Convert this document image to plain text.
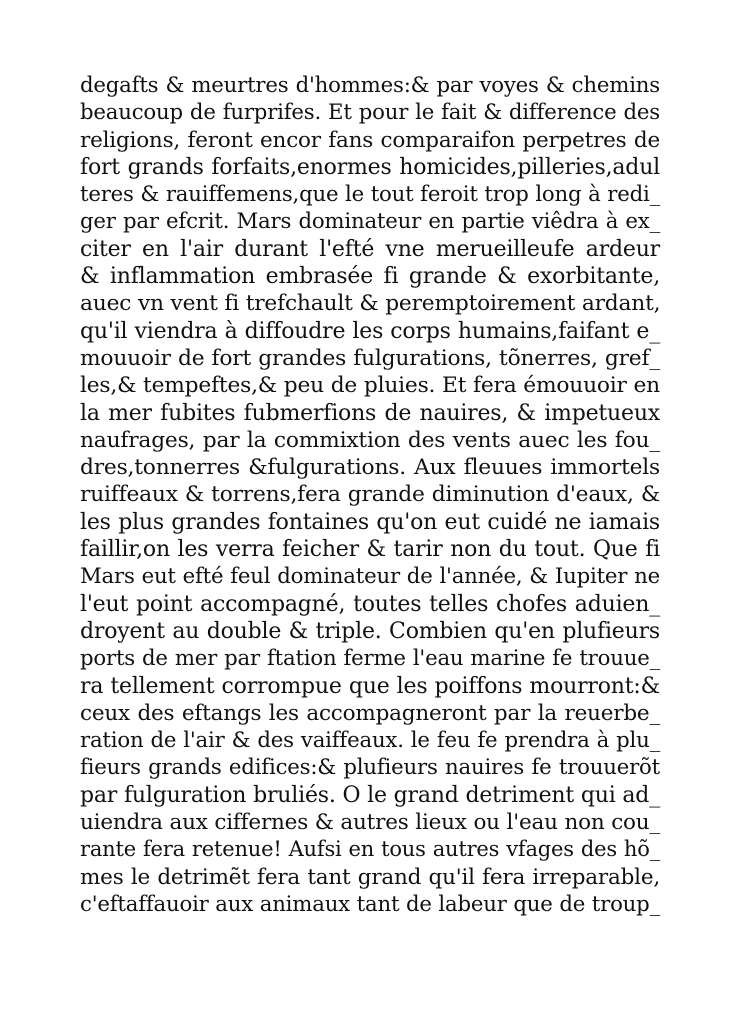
degafts & meurtres d'hommes:& par voyes & chemins
beaucoup de furprifes. Et pour le fait & difference des
religions, feront encor fans comparaifon perpetres de
fort grands forfaits,enormes homicides,pilleries,adul
teres & rauiffemens,que le tout feroit trop long à redi_
ger par efcrit. Mars dominateur en partie viêdra à ex_
citer en l'air durant l'efté vne merueilleufe ardeur
& inflammation embrasée fi grande & exorbitante,
auec vn vent fi trefchault & peremptoirement ardant,
qu'il viendra à diffoudre les corps humains,faifant e_
mouuoir de fort grandes fulgurations, tõnerres, gref_
les,& tempeftes,& peu de pluies. Et fera émouuoir en
la mer fubites fubmerfions de nauires, & impetueux
naufrages, par la commixtion des vents auec les fou_
dres,tonnerres &fulgurations. Aux fleuues immortels
ruiffeaux & torrens,fera grande diminution d'eaux, &
les plus grandes fontaines qu'on eut cuidé ne iamais
faillir,on les verra feicher & tarir non du tout. Que fi
Mars eut efté feul dominateur de l'année, & Iupiter ne
l'eut point accompagné, toutes telles chofes aduien_
droyent au double & triple. Combien qu'en plufieurs
ports de mer par ftation ferme l'eau marine fe trouue_
ra tellement corrompue que les poiffons mourront:&
ceux des eftangs les accompagneront par la reuerbe_
ration de l'air & des vaiffeaux. le feu fe prendra à plu_
fieurs grands edifices:& plufieurs nauires fe trouuerõt
par fulguration bruliés. O le grand detriment qui ad_
uiendra aux ciffernes & autres lieux ou l'eau non cou_
rante fera retenue! Aufsi en tous autres vfages des hõ_
mes le detrimẽt fera tant grand qu'il fera irreparable,
c'eftaffauoir aux animaux tant de labeur que de troup_
